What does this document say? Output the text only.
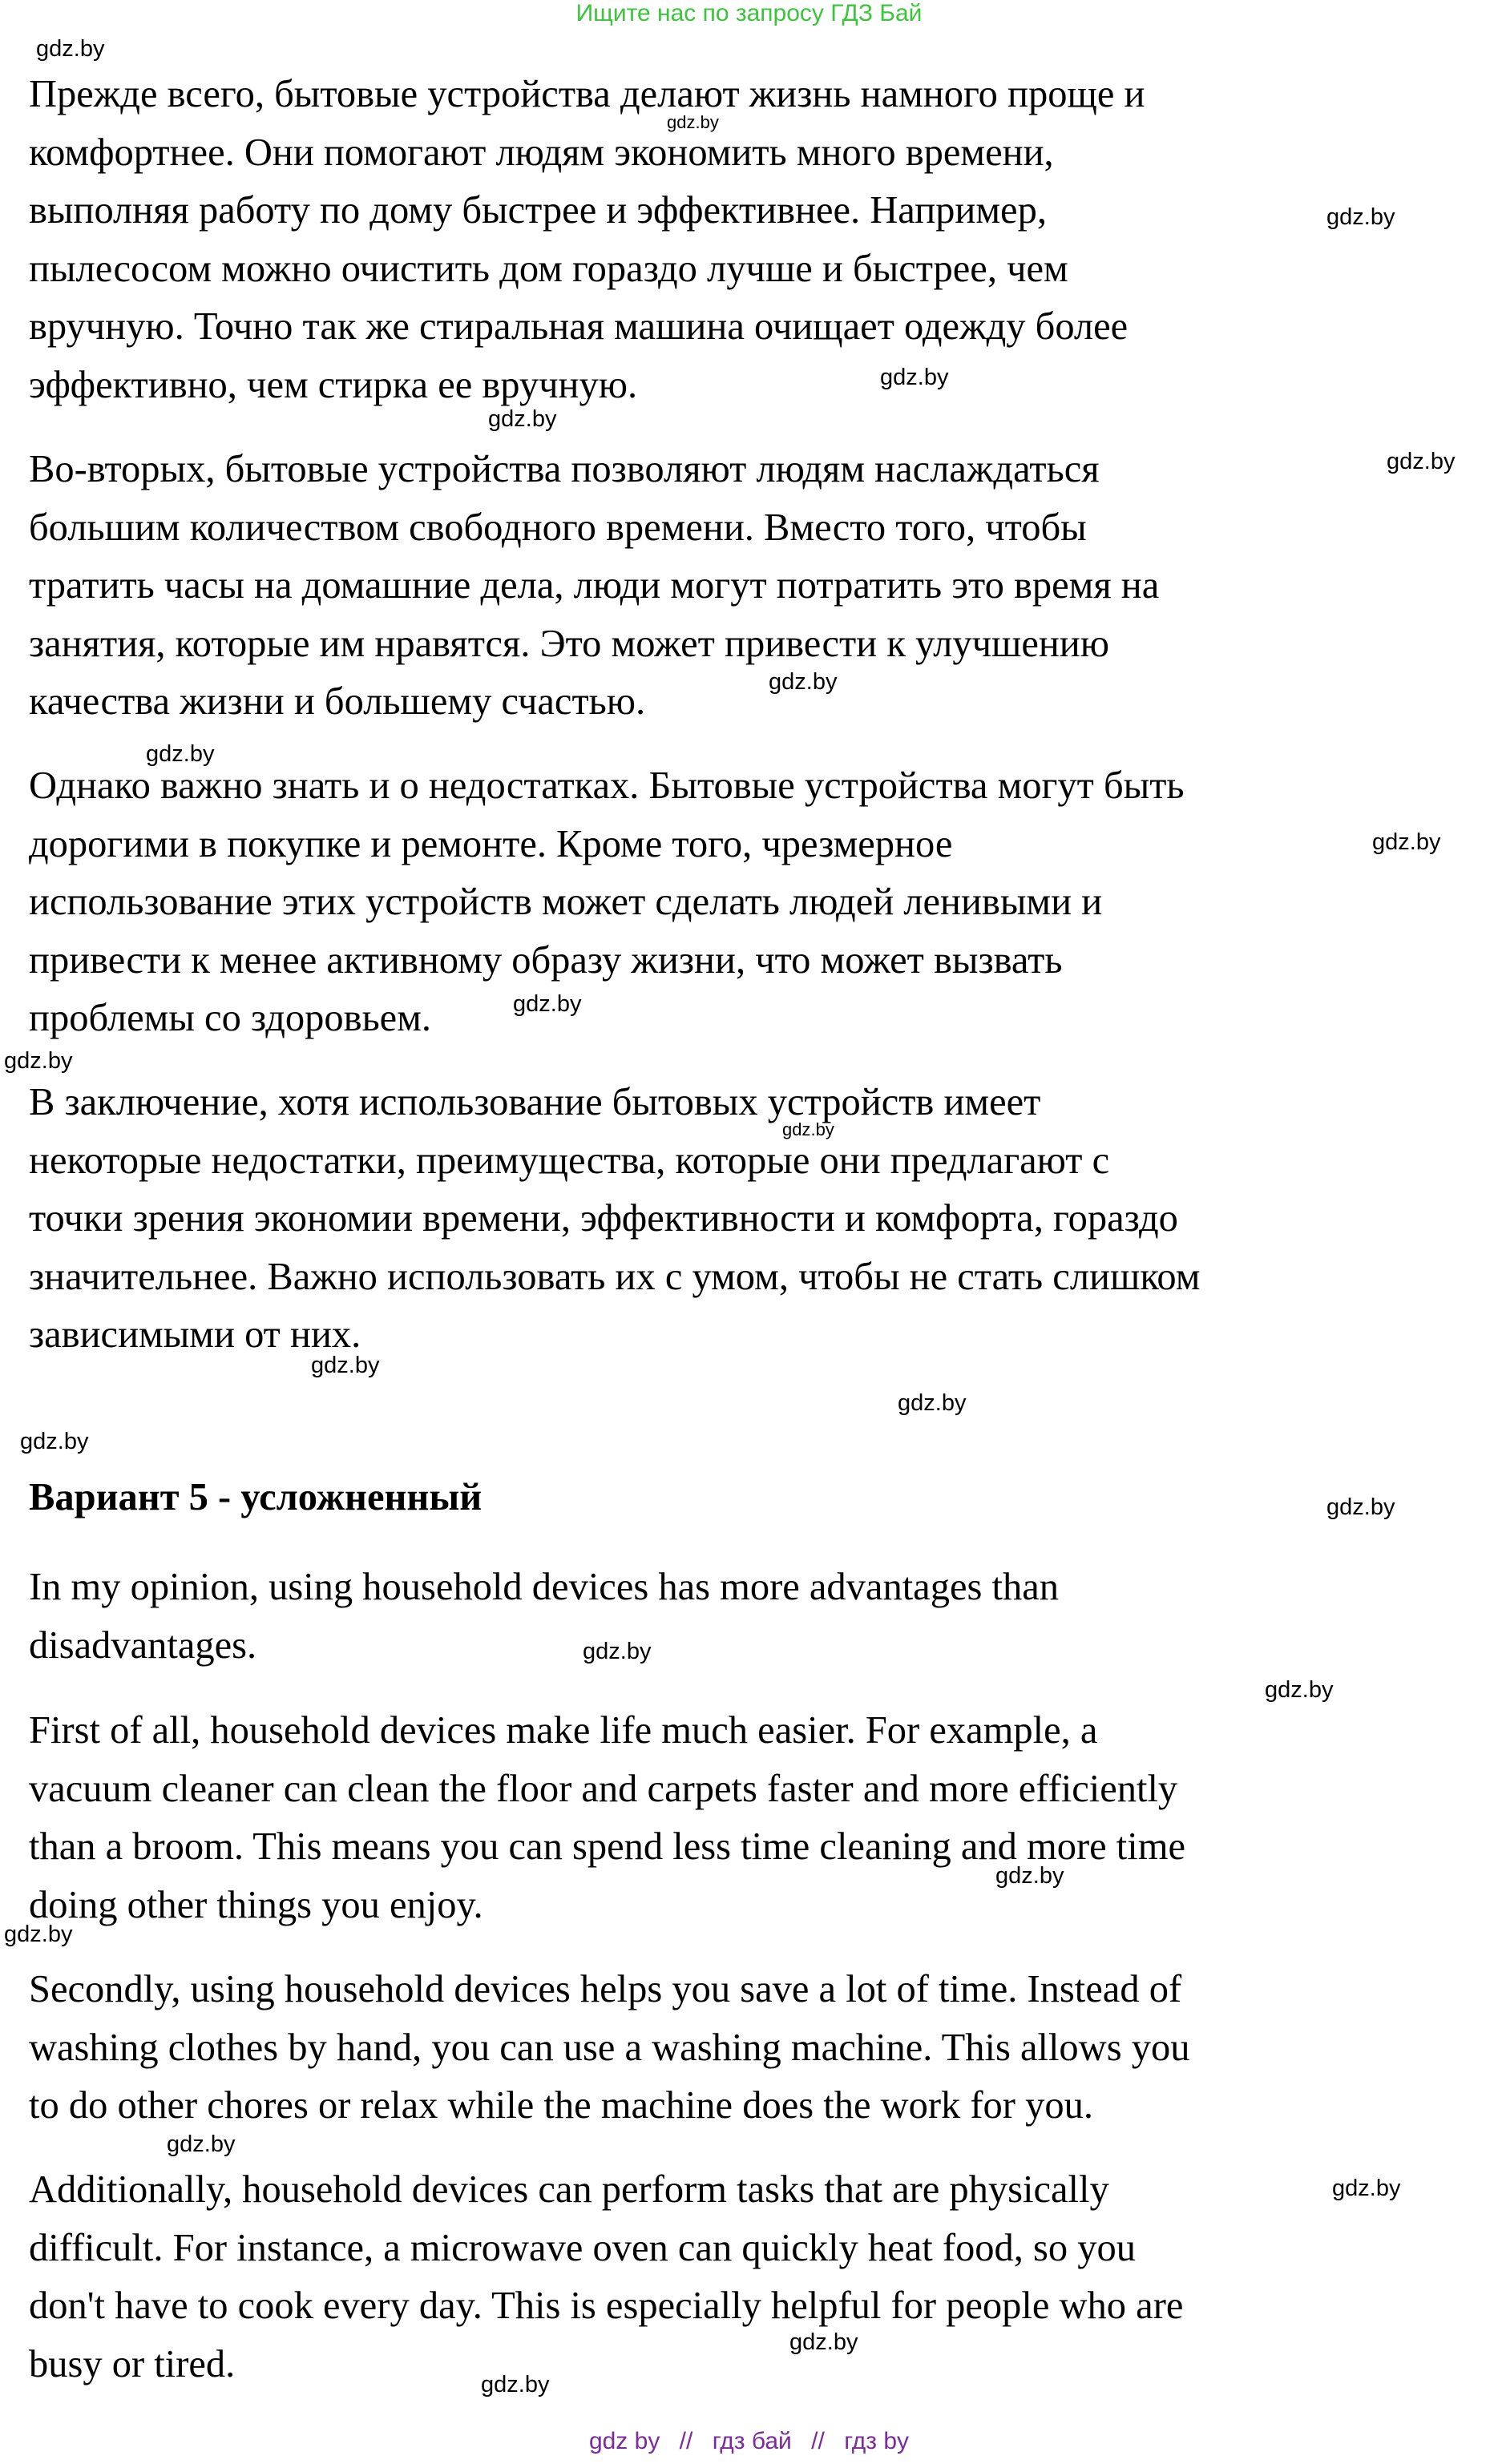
Ищите нас по запросу ГДЗ Бай

Прежде всего, бытовые устройства делают жизнь намного проще и
комфортнее. Они помогают людям экономить много времени,
выполняя работу по дому быстрее и эффективнее. Например,
пылесосом можно очистить дом гораздо лучше и быстрее, чем
вручную. Точно так же стиральная машина очищает одежду более
эффективно, чем стирка ее вручную.

Во-вторых, бытовые устройства позволяют людям наслаждаться
большим количеством свободного времени. Вместо того, чтобы
тратить часы на домашние дела, люди могут потратить это время на
занятия, которые им нравятся. Это может привести к улучшению
качества жизни и большему счастью.

Однако важно знать и о недостатках. Бытовые устройства могут быть
дорогими в покупке и ремонте. Кроме того, чрезмерное
использование этих устройств может сделать людей ленивыми и
привести к менее активному образу жизни, что может вызвать
проблемы со здоровьем.

В заключение, хотя использование бытовых устройств имеет
некоторые недостатки, преимущества, которые они предлагают с
точки зрения экономии времени, эффективности и комфорта, гораздо
значительнее. Важно использовать их с умом, чтобы не стать слишком
зависимыми от них.

Вариант 5 - усложненный

In my opinion, using household devices has more advantages than
disadvantages.

First of all, household devices make life much easier. For example, a
vacuum cleaner can clean the floor and carpets faster and more efficiently
than a broom. This means you can spend less time cleaning and more time
doing other things you enjoy.

Secondly, using household devices helps you save a lot of time. Instead of
washing clothes by hand, you can use a washing machine. This allows you
to do other chores or relax while the machine does the work for you.

Additionally, household devices can perform tasks that are physically
difficult. For instance, a microwave oven can quickly heat food, so you
don't have to cook every day. This is especially helpful for people who are
busy or tired.

gdz.by
gdz.by
gdz.by
gdz.by
gdz.by
gdz.by
gdz.by
gdz.by
gdz.by
gdz.by
gdz.by
gdz.by
gdz.by
gdz.by
gdz.by
gdz.by
gdz.by
gdz.by
gdz.by
gdz.by
gdz.by
gdz.by
gdz.by
gdz.by
gdz by // гдз бай // гдз by
